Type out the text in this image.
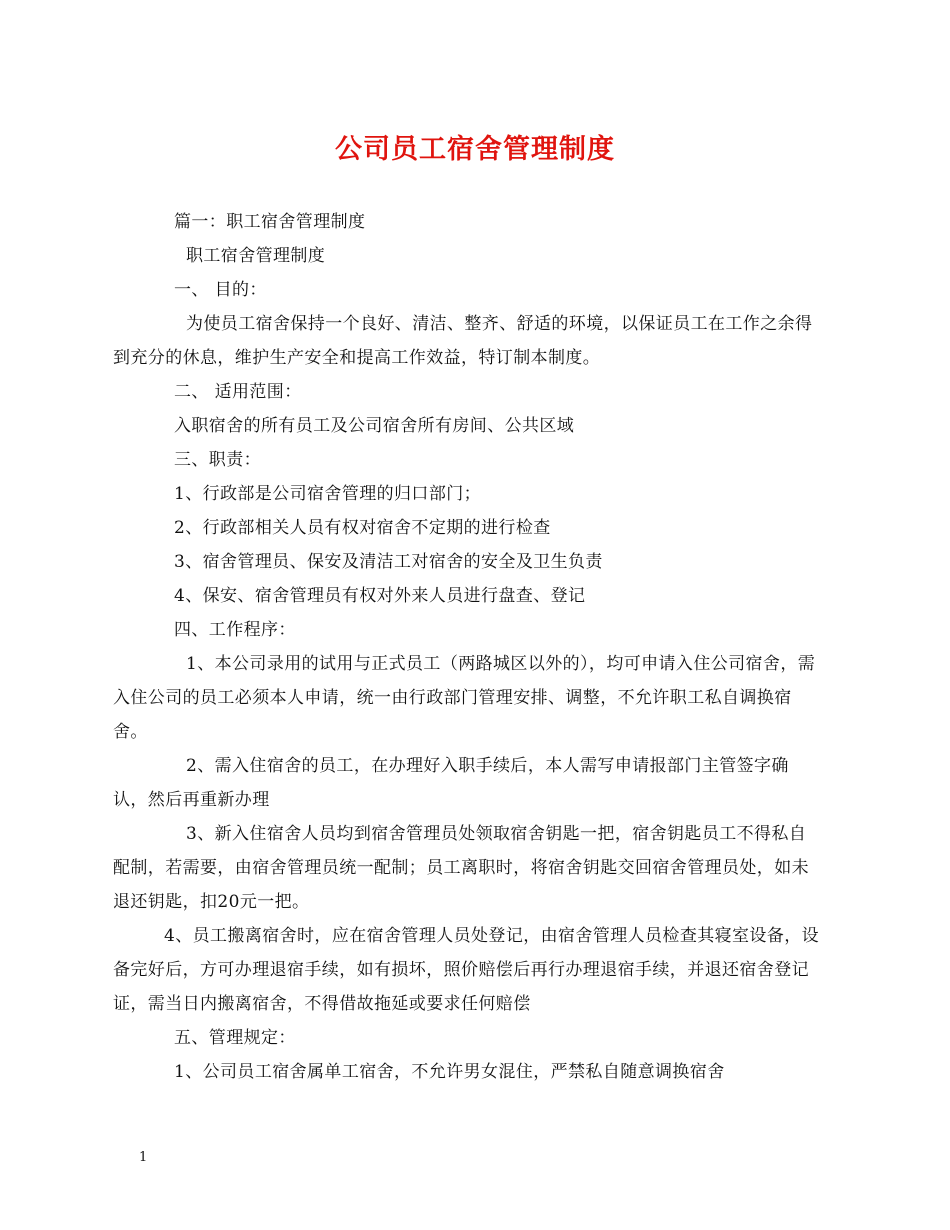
公司员工宿舍管理制度

篇一：职工宿舍管理制度

职工宿舍管理制度

一、 目的：

为使员工宿舍保持一个良好、清洁、整齐、舒适的环境，以保证员工在工作之余得到充分的休息，维护生产安全和提高工作效益，特订制本制度。

二、 适用范围：

入职宿舍的所有员工及公司宿舍所有房间、公共区域

三、职责：

1、行政部是公司宿舍管理的归口部门；

2、行政部相关人员有权对宿舍不定期的进行检查

3、宿舍管理员、保安及清洁工对宿舍的安全及卫生负责

4、保安、宿舍管理员有权对外来人员进行盘查、登记

四、工作程序：

1、本公司录用的试用与正式员工（两路城区以外的），均可申请入住公司宿舍，需入住公司的员工必须本人申请，统一由行政部门管理安排、调整，不允许职工私自调换宿舍。

2、需入住宿舍的员工，在办理好入职手续后，本人需写申请报部门主管签字确认，然后再重新办理

3、新入住宿舍人员均到宿舍管理员处领取宿舍钥匙一把，宿舍钥匙员工不得私自配制，若需要，由宿舍管理员统一配制；员工离职时，将宿舍钥匙交回宿舍管理员处，如未退还钥匙，扣20元一把。

4、员工搬离宿舍时，应在宿舍管理人员处登记，由宿舍管理人员检查其寝室设备，设备完好后，方可办理退宿手续，如有损坏，照价赔偿后再行办理退宿手续，并退还宿舍登记证，需当日内搬离宿舍，不得借故拖延或要求任何赔偿

五、管理规定：

1、公司员工宿舍属单工宿舍，不允许男女混住，严禁私自随意调换宿舍

1
